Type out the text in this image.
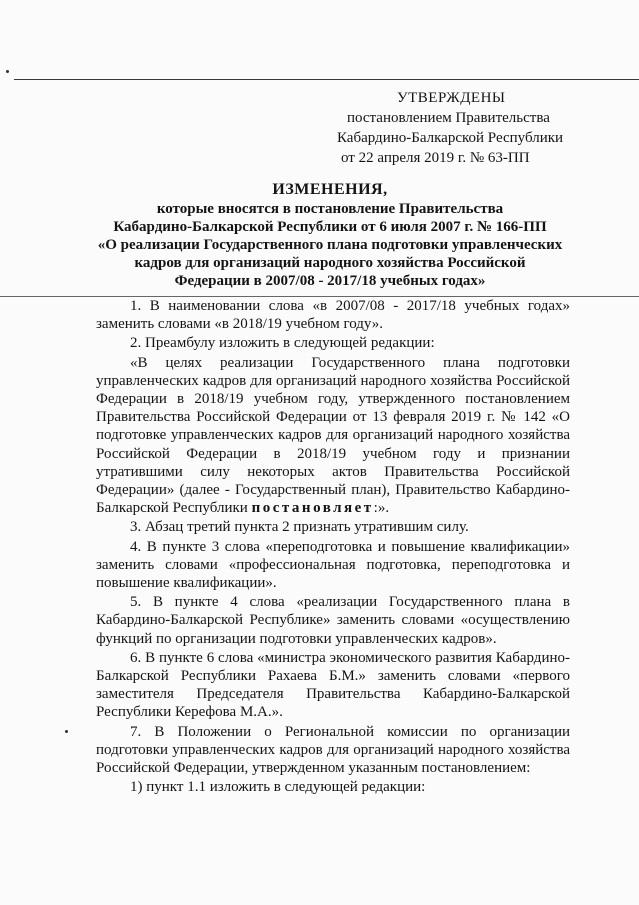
УТВЕРЖДЕНЫ
постановлением Правительства
Кабардино-Балкарской Республики
от 22 апреля 2019 г. № 63-ПП
ИЗМЕНЕНИЯ,
которые вносятся в постановление Правительства
Кабардино-Балкарской Республики от 6 июля 2007 г. № 166-ПП
«О реализации Государственного плана подготовки управленческих
кадров для организаций народного хозяйства Российской
Федерации в 2007/08 - 2017/18 учебных годах»

1. В наименовании слова «в 2007/08 - 2017/18 учебных годах» заменить словами «в 2018/19 учебном году».

2. Преамбулу изложить в следующей редакции:

«В целях реализации Государственного плана подготовки управленческих кадров для организаций народного хозяйства Российской Федерации в 2018/19 учебном году, утвержденного постановлением Правительства Российской Федерации от 13 февраля 2019 г. № 142 «О подготовке управленческих кадров для организаций народного хозяйства Российской Федерации в 2018/19 учебном году и признании утратившими силу некоторых актов Правительства Российской Федерации» (далее - Государственный план), Правительство Кабардино-Балкарской Республики постановляет:».

3. Абзац третий пункта 2 признать утратившим силу.

4. В пункте 3 слова «переподготовка и повышение квалификации» заменить словами «профессиональная подготовка, переподготовка и повышение квалификации».

5. В пункте 4 слова «реализации Государственного плана в Кабардино-Балкарской Республике» заменить словами «осуществлению функций по организации подготовки управленческих кадров».

6. В пункте 6 слова «министра экономического развития Кабардино-Балкарской Республики Рахаева Б.М.» заменить словами «первого заместителя Председателя Правительства Кабардино-Балкарской Республики Керефова М.А.».

7. В Положении о Региональной комиссии по организации подготовки управленческих кадров для организаций народного хозяйства Российской Федерации, утвержденном указанным постановлением:

1) пункт 1.1 изложить в следующей редакции:
